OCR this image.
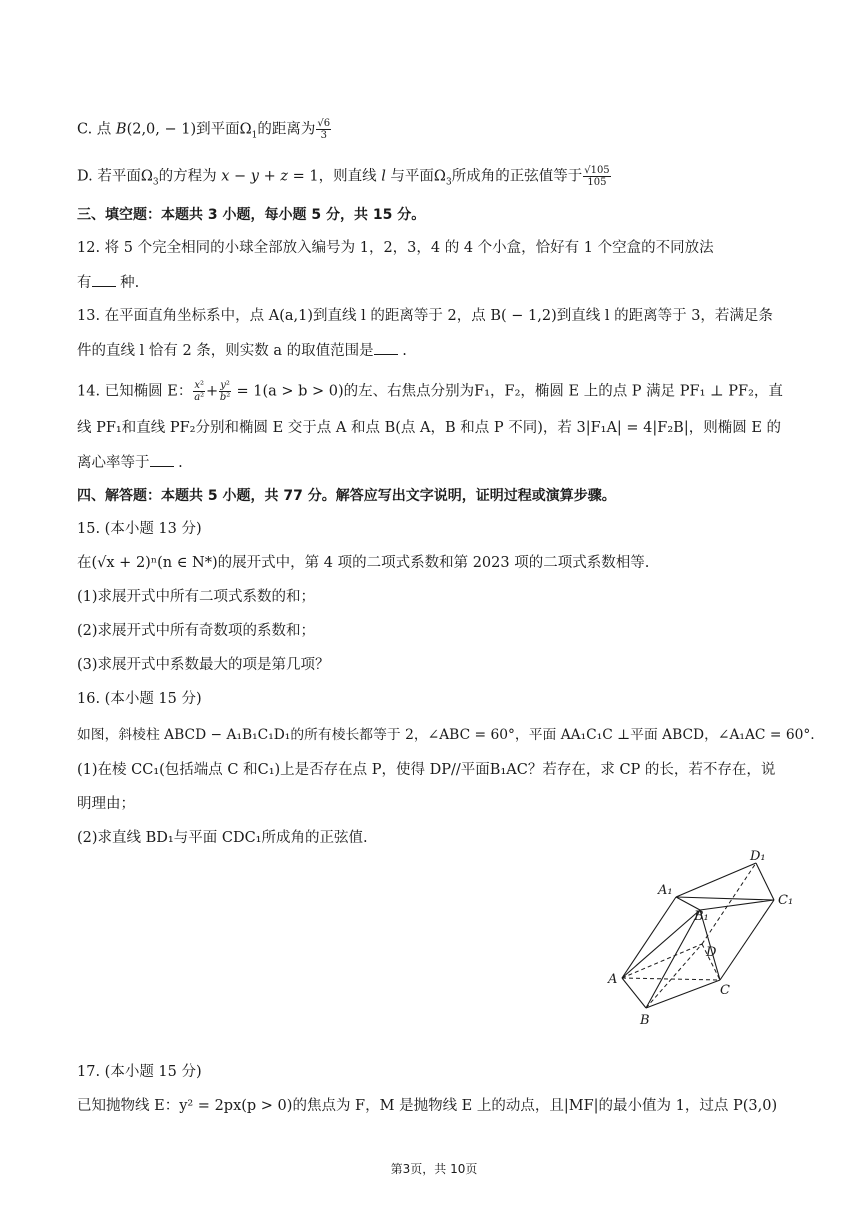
C. 点 B(2,0, − 1)到平面$\Omega_1$的距离为 $\frac{√6}{3}$
D. 若平面$\Omega_3$的方程为 x − y + z = 1，则直线 l 与平面$\Omega_3$所成角的正弦值等于 $\frac{√105}{105}$
三、填空题：本题共 3 小题，每小题 5 分，共 15 分。
12. 将 5 个完全相同的小球全部放入编号为 1，2，3，4 的 4 个小盒，恰好有 1 个空盒的不同放法
有 种.
13. 在平面直角坐标系中，点 A(a,1)到直线 l 的距离等于 2，点 B( − 1,2)到直线 l 的距离等于 3，若满足条
件的直线 l 恰有 2 条，则实数 a 的取值范围是 .
14. 已知椭圆 E： $\frac{\text{x²}}{\text{a²}} + \frac{\text{y²}}{\text{b²}} = 1(a > b > 0)$的左、右焦点分别为F₁，F₂，椭圆 E 上的点 P 满足 PF₁ ⊥ PF₂，直
线 PF₁和直线 PF₂分别和椭圆 E 交于点 A 和点 B(点 A，B 和点 P 不同)，若 3|F₁A| = 4|F₂B|，则椭圆 E 的
离心率等于 .
四、解答题：本题共 5 小题，共 77 分。解答应写出文字说明，证明过程或演算步骤。
15. (本小题 13 分)
在(√x + 2)ⁿ(n ∈ N*)的展开式中，第 4 项的二项式系数和第 2023 项的二项式系数相等.
(1)求展开式中所有二项式系数的和；
(2)求展开式中所有奇数项的系数和；
(3)求展开式中系数最大的项是第几项？
16. (本小题 15 分)
如图，斜棱柱 ABCD − A₁B₁C₁D₁的所有棱长都等于 2，∠ABC = 60°，平面 AA₁C₁C ⊥平面 ABCD，∠A₁AC = 60°.
(1)在棱 CC₁(包括端点 C 和C₁)上是否存在点 P，使得 DP//平面B₁AC？若存在，求 CP 的长，若不存在，说
明理由；
(2)求直线 BD₁与平面 CDC₁所成角的正弦值.
A₁
B₁
C₁
D₁
A
B
C
D
17. (本小题 15 分)
已知抛物线 E：y² = 2px(p > 0)的焦点为 F，M 是抛物线 E 上的动点，且|MF|的最小值为 1，过点 P(3,0)
第3页，共 10页
